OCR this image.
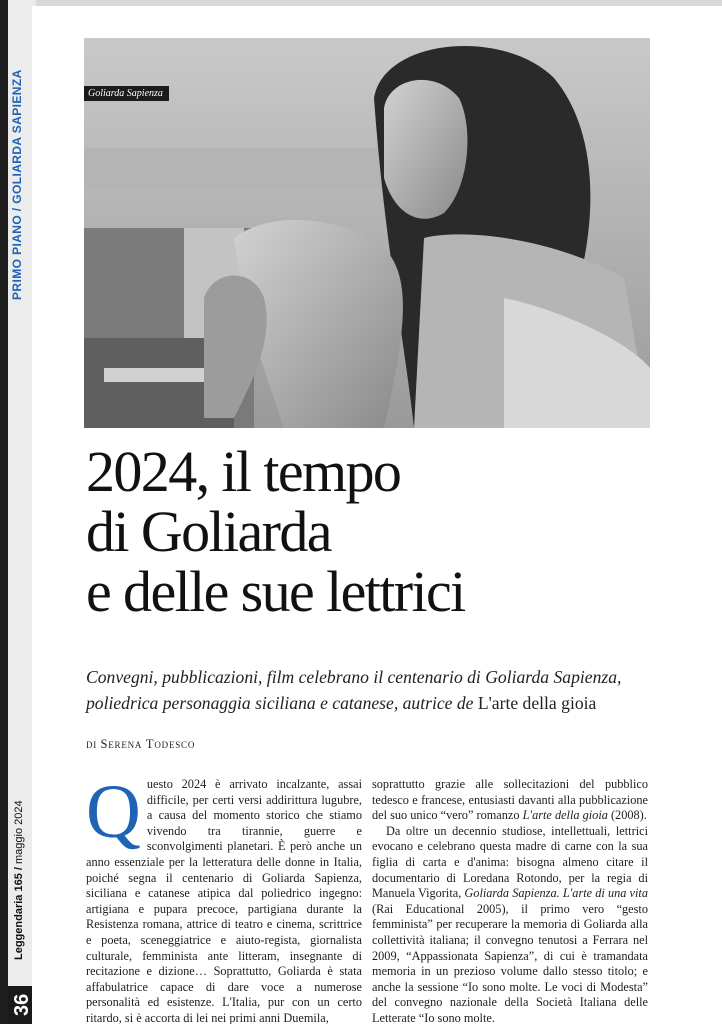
Leggendaria 165 / maggio 2024
36
Goliarda Sapienza
2024, il tempo
di Goliarda
e delle sue lettrici

Convegni, pubblicazioni, film celebrano il centenario di Goliarda Sapienza, poliedrica personaggia siciliana e catanese, autrice de L'arte della gioia

di Serena Todesco

Questo 2024 è arrivato incalzante, assai difficile, per certi versi addirittura lugubre, a causa del momento storico che stiamo vivendo tra tirannie, guerre e sconvolgimenti planetari. È però anche un anno essenziale per la letteratura delle donne in Italia, poiché segna il centenario di Goliarda Sapienza, siciliana e catanese atipica dal poliedrico ingegno: artigiana e pupara precoce, partigiana durante la Resistenza romana, attrice di teatro e cinema, scrittrice e poeta, sceneggiatrice e aiuto-regista, giornalista culturale, femminista ante litteram, insegnante di recitazione e dizione… Soprattutto, Goliarda è stata affabulatrice capace di dare voce a numerose personalità ed esistenze. L'Italia, pur con un certo ritardo, si è accorta di lei nei primi anni Duemila,

soprattutto grazie alle sollecitazioni del pubblico tedesco e francese, entusiasti davanti alla pubblicazione del suo unico “vero” romanzo L'arte della gioia (2008).

Da oltre un decennio studiose, intellettuali, lettrici evocano e celebrano questa madre di carne con la sua figlia di carta e d'anima: bisogna almeno citare il documentario di Loredana Rotondo, per la regia di Manuela Vigorita, Goliarda Sapienza. L'arte di una vita (Rai Educational 2005), il primo vero “gesto femminista” per recuperare la memoria di Goliarda alla collettività italiana; il convegno tenutosi a Ferrara nel 2009, “Appassionata Sapienza”, di cui è tramandata memoria in un prezioso volume dallo stesso titolo; e anche la sessione “Io sono molte. Le voci di Modesta” del convegno nazionale della Società Italiana delle Letterate “Io sono molte.
